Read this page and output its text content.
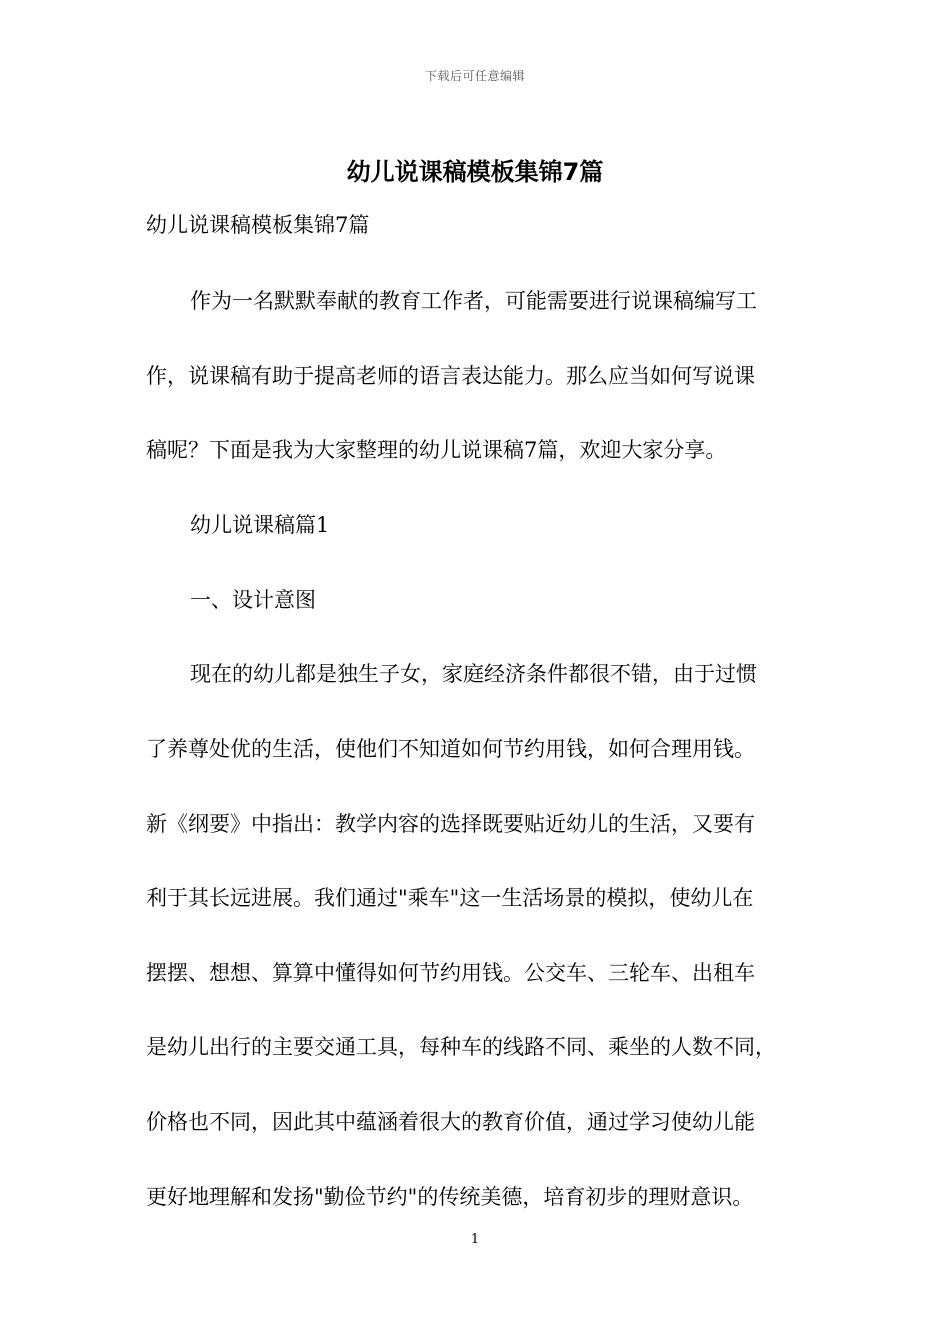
下载后可任意编辑
幼儿说课稿模板集锦7篇
幼儿说课稿模板集锦7篇
作为一名默默奉献的教育工作者，可能需要进行说课稿编写工
作，说课稿有助于提高老师的语言表达能力。那么应当如何写说课
稿呢？下面是我为大家整理的幼儿说课稿7篇，欢迎大家分享。
幼儿说课稿篇1
一、设计意图
现在的幼儿都是独生子女，家庭经济条件都很不错，由于过惯
了养尊处优的生活，使他们不知道如何节约用钱，如何合理用钱。
新《纲要》中指出：教学内容的选择既要贴近幼儿的生活，又要有
利于其长远进展。我们通过"乘车"这一生活场景的模拟，使幼儿在
摆摆、想想、算算中懂得如何节约用钱。公交车、三轮车、出租车
是幼儿出行的主要交通工具，每种车的线路不同、乘坐的人数不同，
价格也不同，因此其中蕴涵着很大的教育价值，通过学习使幼儿能
更好地理解和发扬"勤俭节约"的传统美德，培育初步的理财意识。
1
